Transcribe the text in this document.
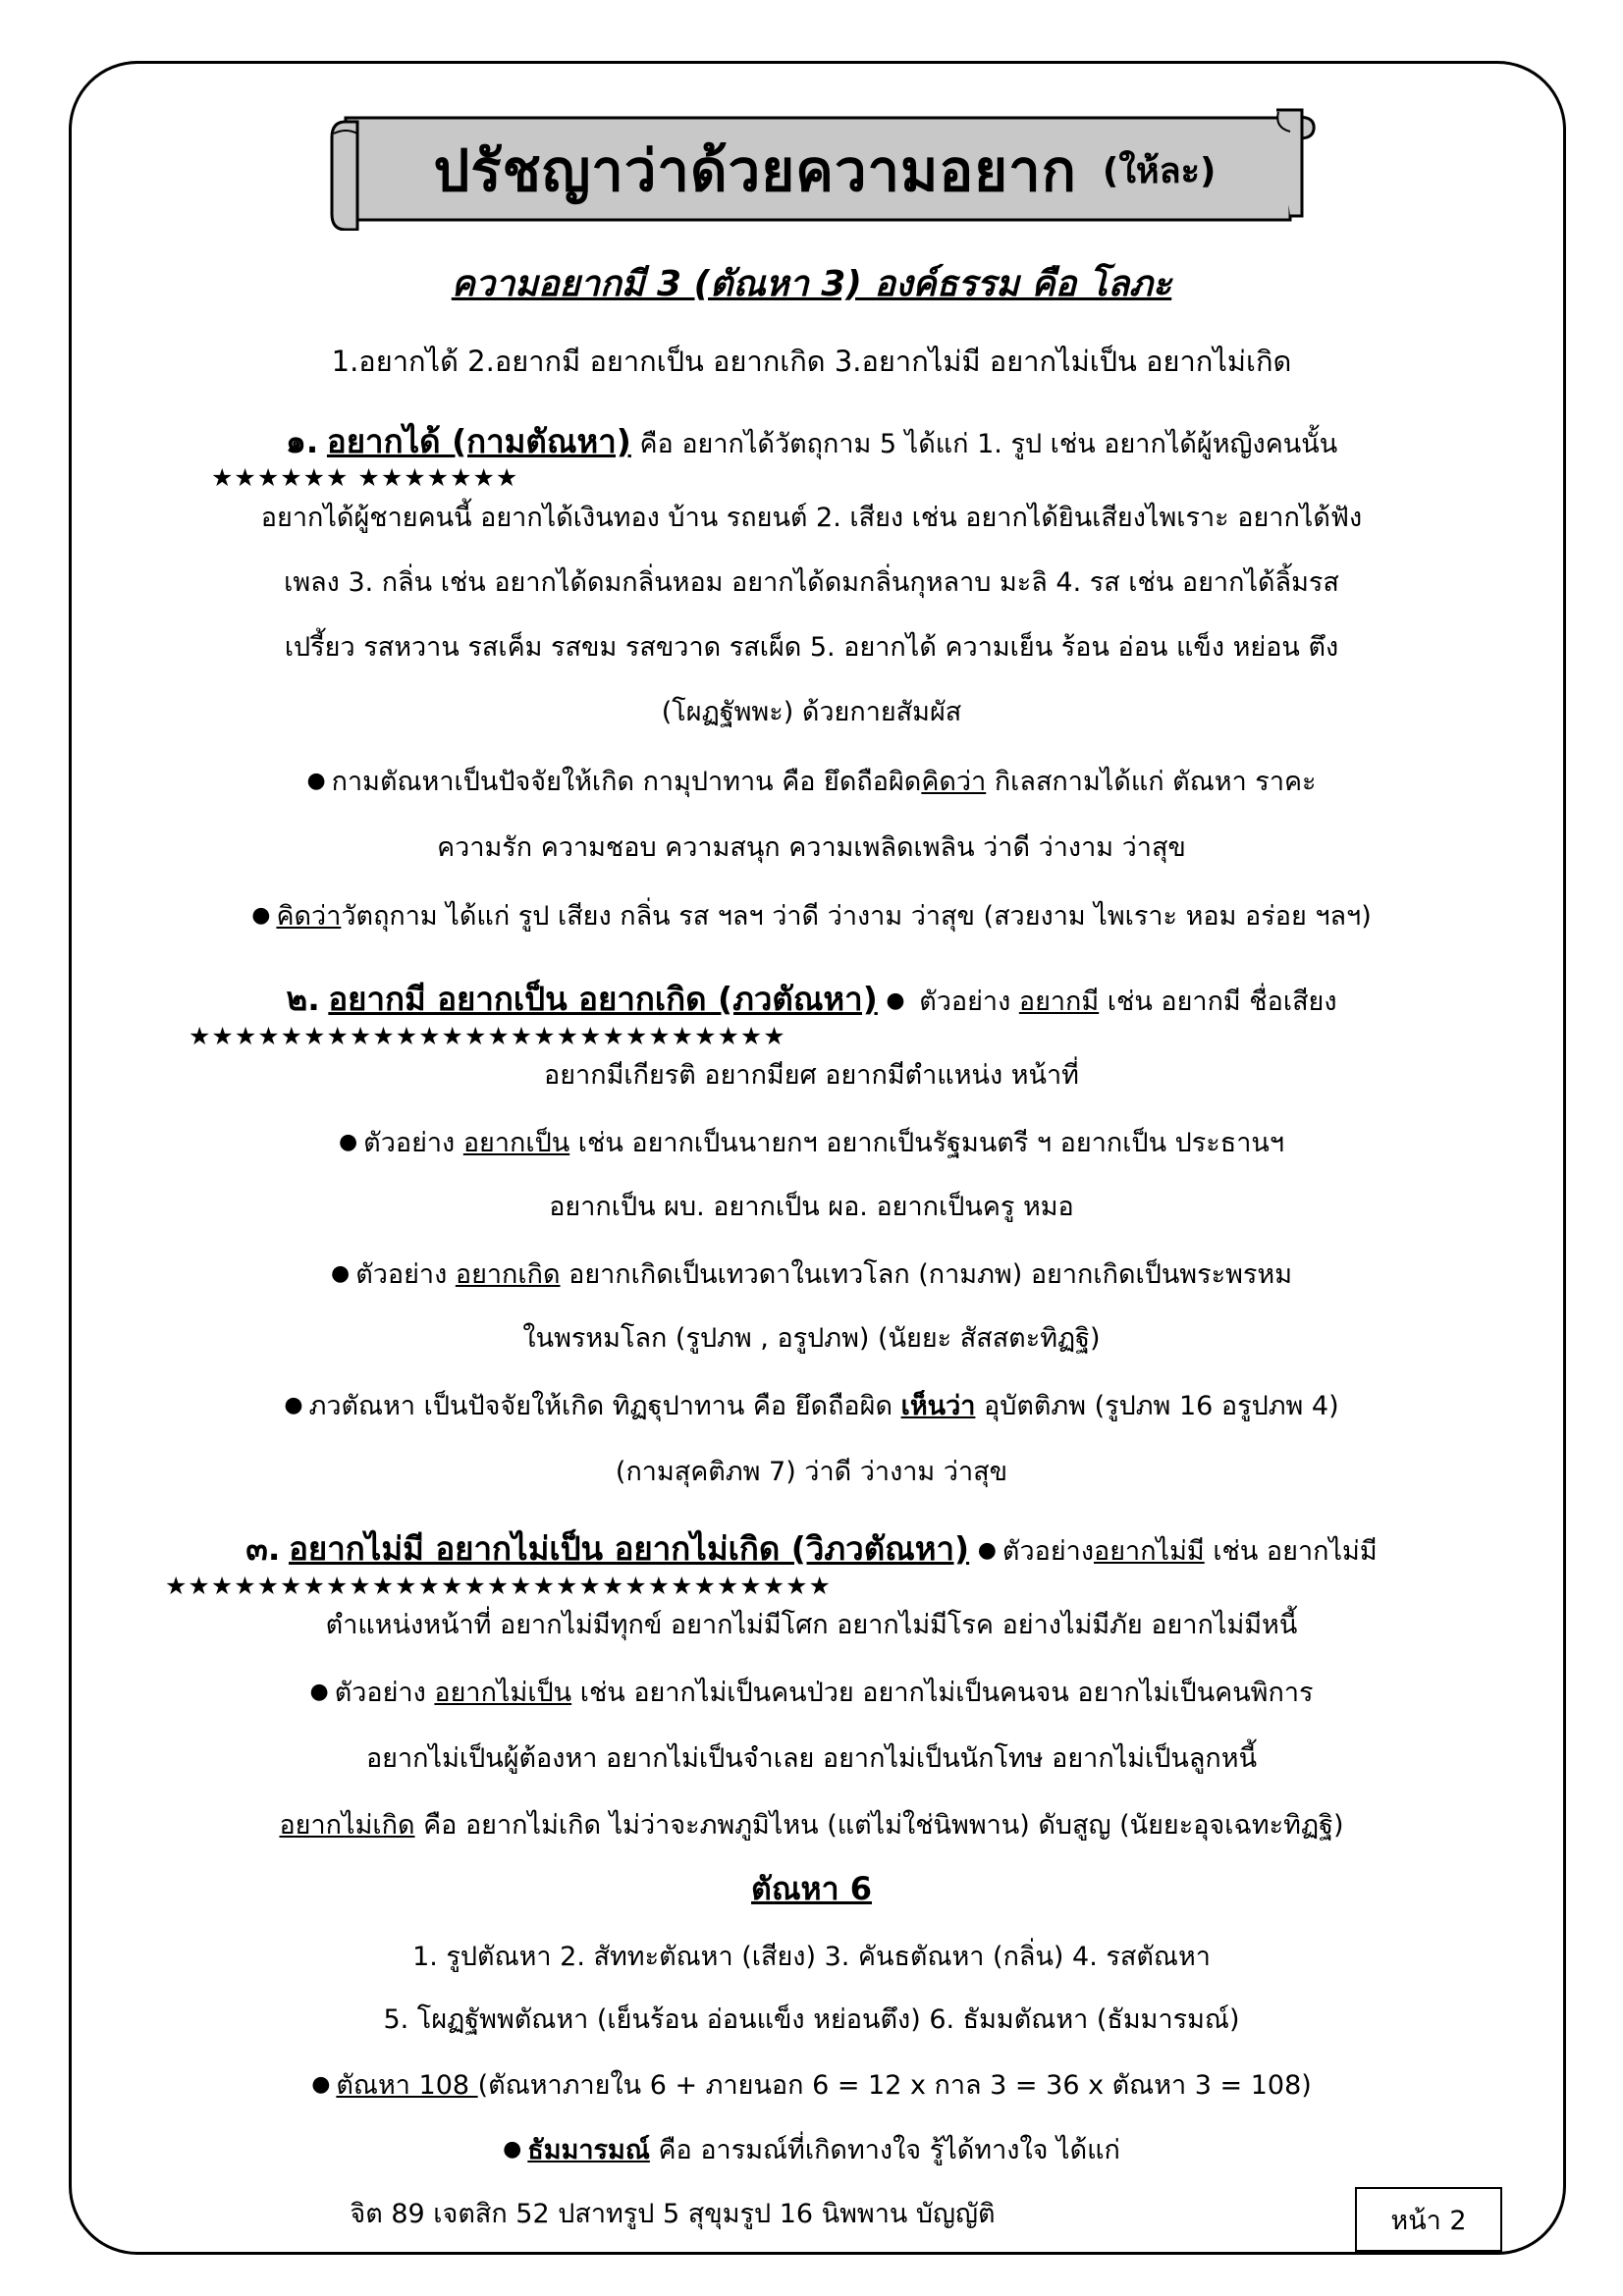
ปรัชญาว่าด้วยความอยาก (ให้ละ)
ความอยากมี 3 (ตัณหา 3) องค์ธรรม คือ โลภะ
1.อยากได้ 2.อยากมี อยากเป็น อยากเกิด 3.อยากไม่มี อยากไม่เป็น อยากไม่เกิด
๑. อยากได้ (กามตัณหา) คือ อยากได้วัตถุกาม 5 ได้แก่ 1. รูป เช่น อยากได้ผู้หญิงคนนั้น
★★★★★★ ★★★★★★★
อยากได้ผู้ชายคนนี้ อยากได้เงินทอง บ้าน รถยนต์ 2. เสียง เช่น อยากได้ยินเสียงไพเราะ อยากได้ฟัง
เพลง 3. กลิ่น เช่น อยากได้ดมกลิ่นหอม อยากได้ดมกลิ่นกุหลาบ มะลิ 4. รส เช่น อยากได้ลิ้มรส
เปรี้ยว รสหวาน รสเค็ม รสขม รสขวาด รสเผ็ด 5. อยากได้ ความเย็น ร้อน อ่อน แข็ง หย่อน ตึง
(โผฏฐัพพะ) ด้วยกายสัมผัส
● กามตัณหาเป็นปัจจัยให้เกิด กามุปาทาน คือ ยึดถือผิดคิดว่า กิเลสกามได้แก่ ตัณหา ราคะ
ความรัก ความชอบ ความสนุก ความเพลิดเพลิน ว่าดี ว่างาม ว่าสุข
● คิดว่าวัตถุกาม ได้แก่ รูป เสียง กลิ่น รส ฯลฯ ว่าดี ว่างาม ว่าสุข (สวยงาม ไพเราะ หอม อร่อย ฯลฯ)
๒. อยากมี อยากเป็น อยากเกิด (ภวตัณหา) ● ตัวอย่าง อยากมี เช่น อยากมี ชื่อเสียง
★★★★★★★★★★★★★★★★★★★★★★★★★★
อยากมีเกียรติ อยากมียศ อยากมีตำแหน่ง หน้าที่
● ตัวอย่าง อยากเป็น เช่น อยากเป็นนายกฯ อยากเป็นรัฐมนตรี ฯ อยากเป็น ประธานฯ
อยากเป็น ผบ. อยากเป็น ผอ. อยากเป็นครู หมอ
● ตัวอย่าง อยากเกิด อยากเกิดเป็นเทวดาในเทวโลก (กามภพ) อยากเกิดเป็นพระพรหม
ในพรหมโลก (รูปภพ , อรูปภพ) (นัยยะ สัสสตะทิฏฐิ)
● ภวตัณหา เป็นปัจจัยให้เกิด ทิฏฐุปาทาน คือ ยึดถือผิด เห็นว่า อุบัตติภพ (รูปภพ 16 อรูปภพ 4)
(กามสุคติภพ 7) ว่าดี ว่างาม ว่าสุข
๓. อยากไม่มี อยากไม่เป็น อยากไม่เกิด (วิภวตัณหา) ● ตัวอย่างอยากไม่มี เช่น อยากไม่มี
★★★★★★★★★★★★★★★★★★★★★★★★★★★★★
ตำแหน่งหน้าที่ อยากไม่มีทุกข์ อยากไม่มีโศก อยากไม่มีโรค อย่างไม่มีภัย อยากไม่มีหนี้
● ตัวอย่าง อยากไม่เป็น เช่น อยากไม่เป็นคนป่วย อยากไม่เป็นคนจน อยากไม่เป็นคนพิการ
อยากไม่เป็นผู้ต้องหา อยากไม่เป็นจำเลย อยากไม่เป็นนักโทษ อยากไม่เป็นลูกหนี้
อยากไม่เกิด คือ อยากไม่เกิด ไม่ว่าจะภพภูมิไหน (แต่ไม่ใช่นิพพาน) ดับสูญ (นัยยะอุจเฉทะทิฏฐิ)
ตัณหา 6
1. รูปตัณหา 2. สัททะตัณหา (เสียง) 3. คันธตัณหา (กลิ่น) 4. รสตัณหา
5. โผฏฐัพพตัณหา (เย็นร้อน อ่อนแข็ง หย่อนตึง) 6. ธัมมตัณหา (ธัมมารมณ์)
● ตัณหา 108 (ตัณหาภายใน 6 + ภายนอก 6 = 12 x กาล 3 = 36 x ตัณหา 3 = 108)
● ธัมมารมณ์ คือ อารมณ์ที่เกิดทางใจ รู้ได้ทางใจ ได้แก่
จิต 89 เจตสิก 52 ปสาทรูป 5 สุขุมรูป 16 นิพพาน บัญญัติ	หน้า 2
